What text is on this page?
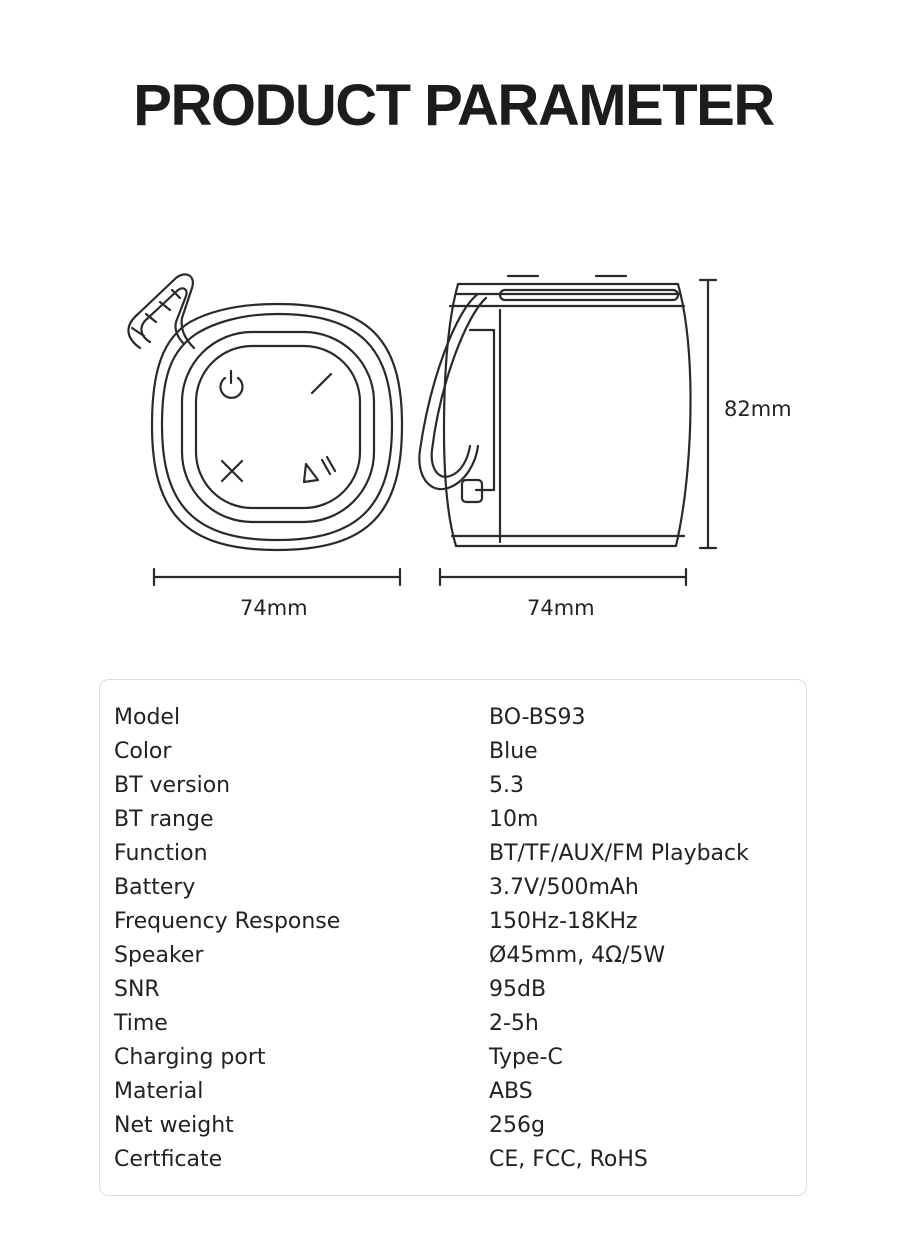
PRODUCT PARAMETER
74mm	74mm
82mm
Model	BO-BS93
Color	Blue
BT version	5.3
BT range	10m
Function	BT/TF/AUX/FM Playback
Battery	3.7V/500mAh
Frequency Response	150Hz-18KHz
Speaker	Ø45mm, 4Ω/5W
SNR	95dB
Time	2-5h
Charging port	Type-C
Material	ABS
Net weight	256g
Certficate	CE, FCC, RoHS
